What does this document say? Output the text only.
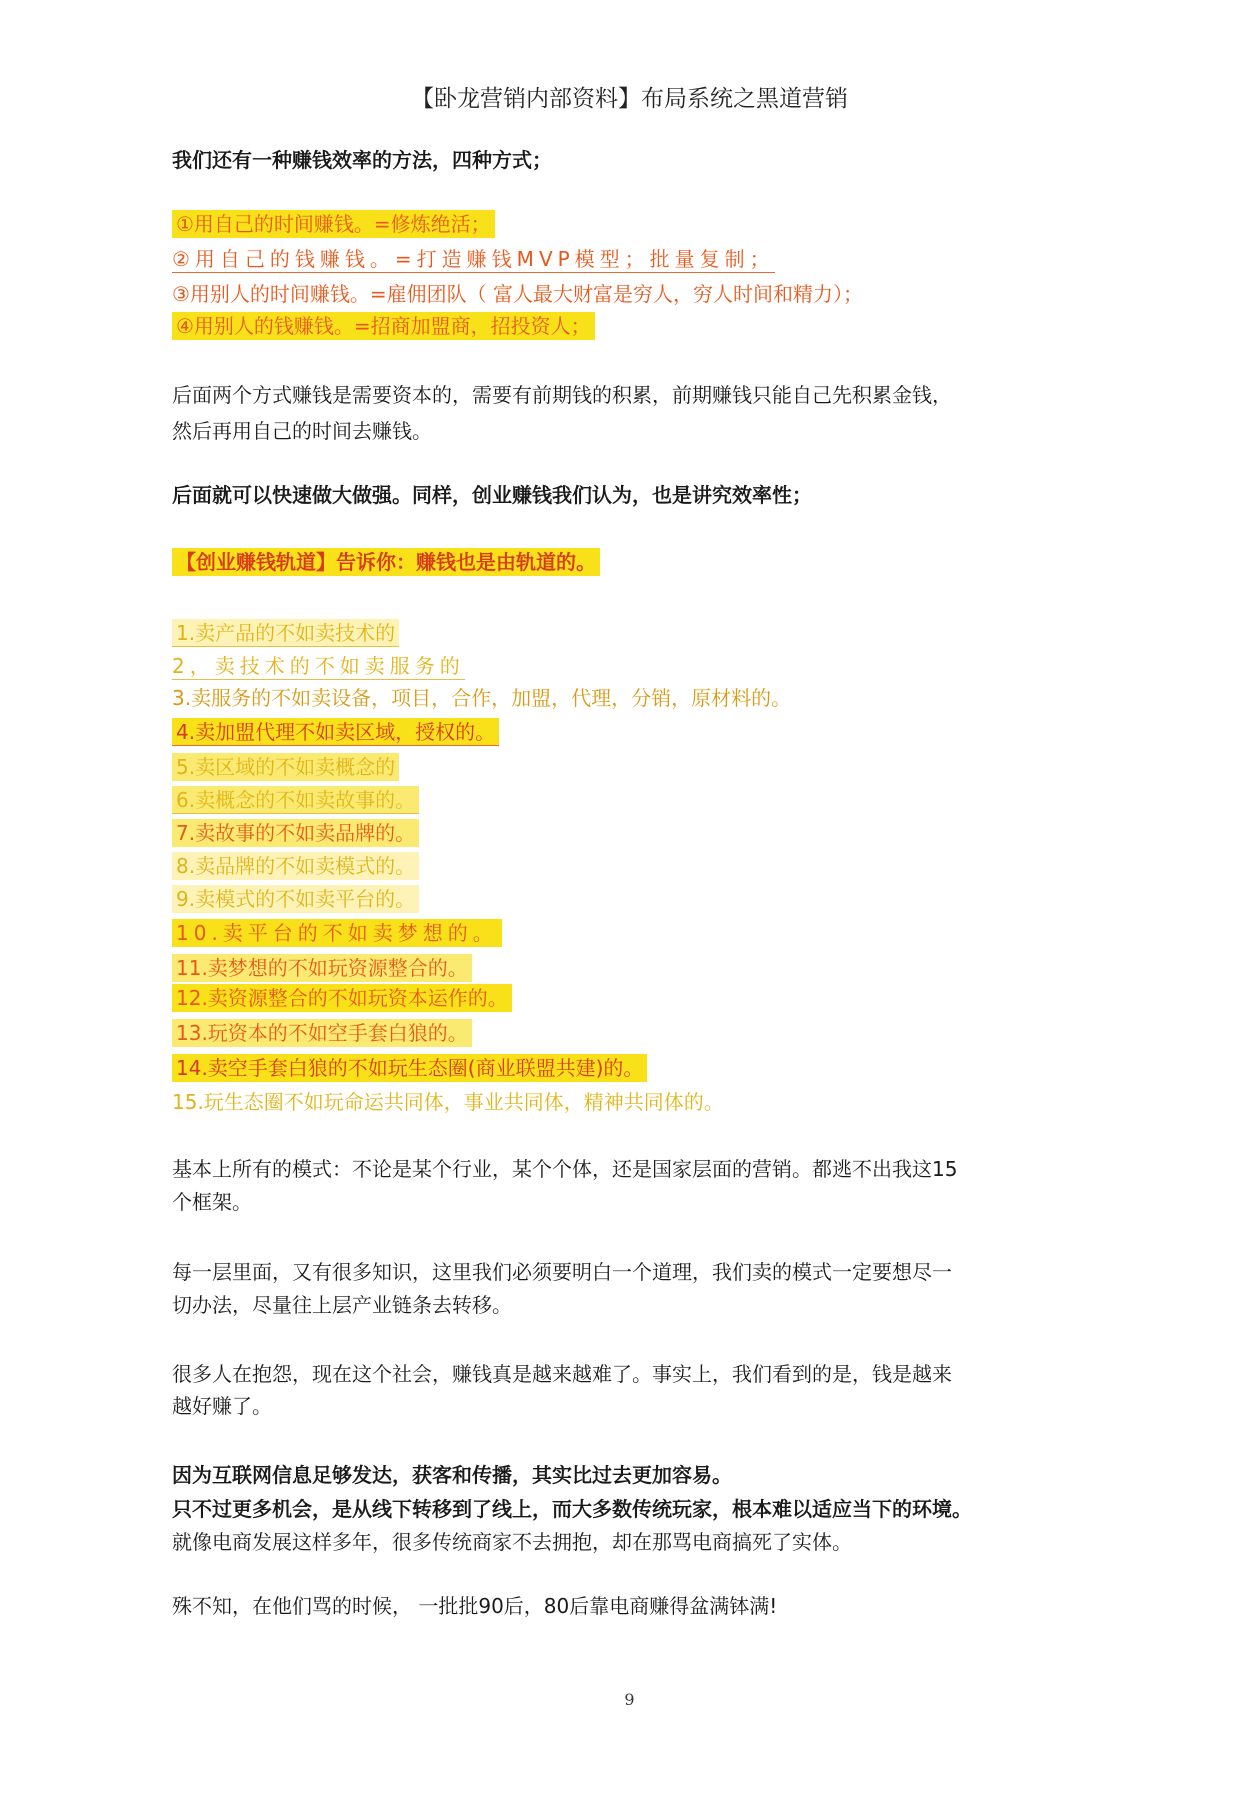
【卧龙营销内部资料】布局系统之黑道营销
我们还有一种赚钱效率的方法，四种方式；
①用自己的时间赚钱。=修炼绝活；
②用自己的钱赚钱。=打造赚钱MVP模型；批量复制；
③用别人的时间赚钱。=雇佣团队（ 富人最大财富是穷人，穷人时间和精力）；
④用别人的钱赚钱。=招商加盟商，招投资人；
后面两个方式赚钱是需要资本的，需要有前期钱的积累，前期赚钱只能自己先积累金钱，
然后再用自己的时间去赚钱。
后面就可以快速做大做强。同样，创业赚钱我们认为，也是讲究效率性；
【创业赚钱轨道】告诉你：赚钱也是由轨道的。
1.卖产品的不如卖技术的
2，卖技术的不如卖服务的
3.卖服务的不如卖设备，项目，合作，加盟，代理，分销，原材料的。
4.卖加盟代理不如卖区域，授权的。
5.卖区域的不如卖概念的
6.卖概念的不如卖故事的。
7.卖故事的不如卖品牌的。
8.卖品牌的不如卖模式的。
9.卖模式的不如卖平台的。
10.卖平台的不如卖梦想的。
11.卖梦想的不如玩资源整合的。
12.卖资源整合的不如玩资本运作的。
13.玩资本的不如空手套白狼的。
14.卖空手套白狼的不如玩生态圈(商业联盟共建)的。
15.玩生态圈不如玩命运共同体，事业共同体，精神共同体的。
基本上所有的模式：不论是某个行业，某个个体，还是国家层面的营销。都逃不出我这15
个框架。
每一层里面，又有很多知识，这里我们必须要明白一个道理，我们卖的模式一定要想尽一
切办法，尽量往上层产业链条去转移。
很多人在抱怨，现在这个社会，赚钱真是越来越难了。事实上，我们看到的是，钱是越来
越好赚了。
因为互联网信息足够发达，获客和传播，其实比过去更加容易。
只不过更多机会，是从线下转移到了线上，而大多数传统玩家，根本难以适应当下的环境。
就像电商发展这样多年，很多传统商家不去拥抱，却在那骂电商搞死了实体。
殊不知，在他们骂的时候， 一批批90后，80后靠电商赚得盆满钵满!
9
